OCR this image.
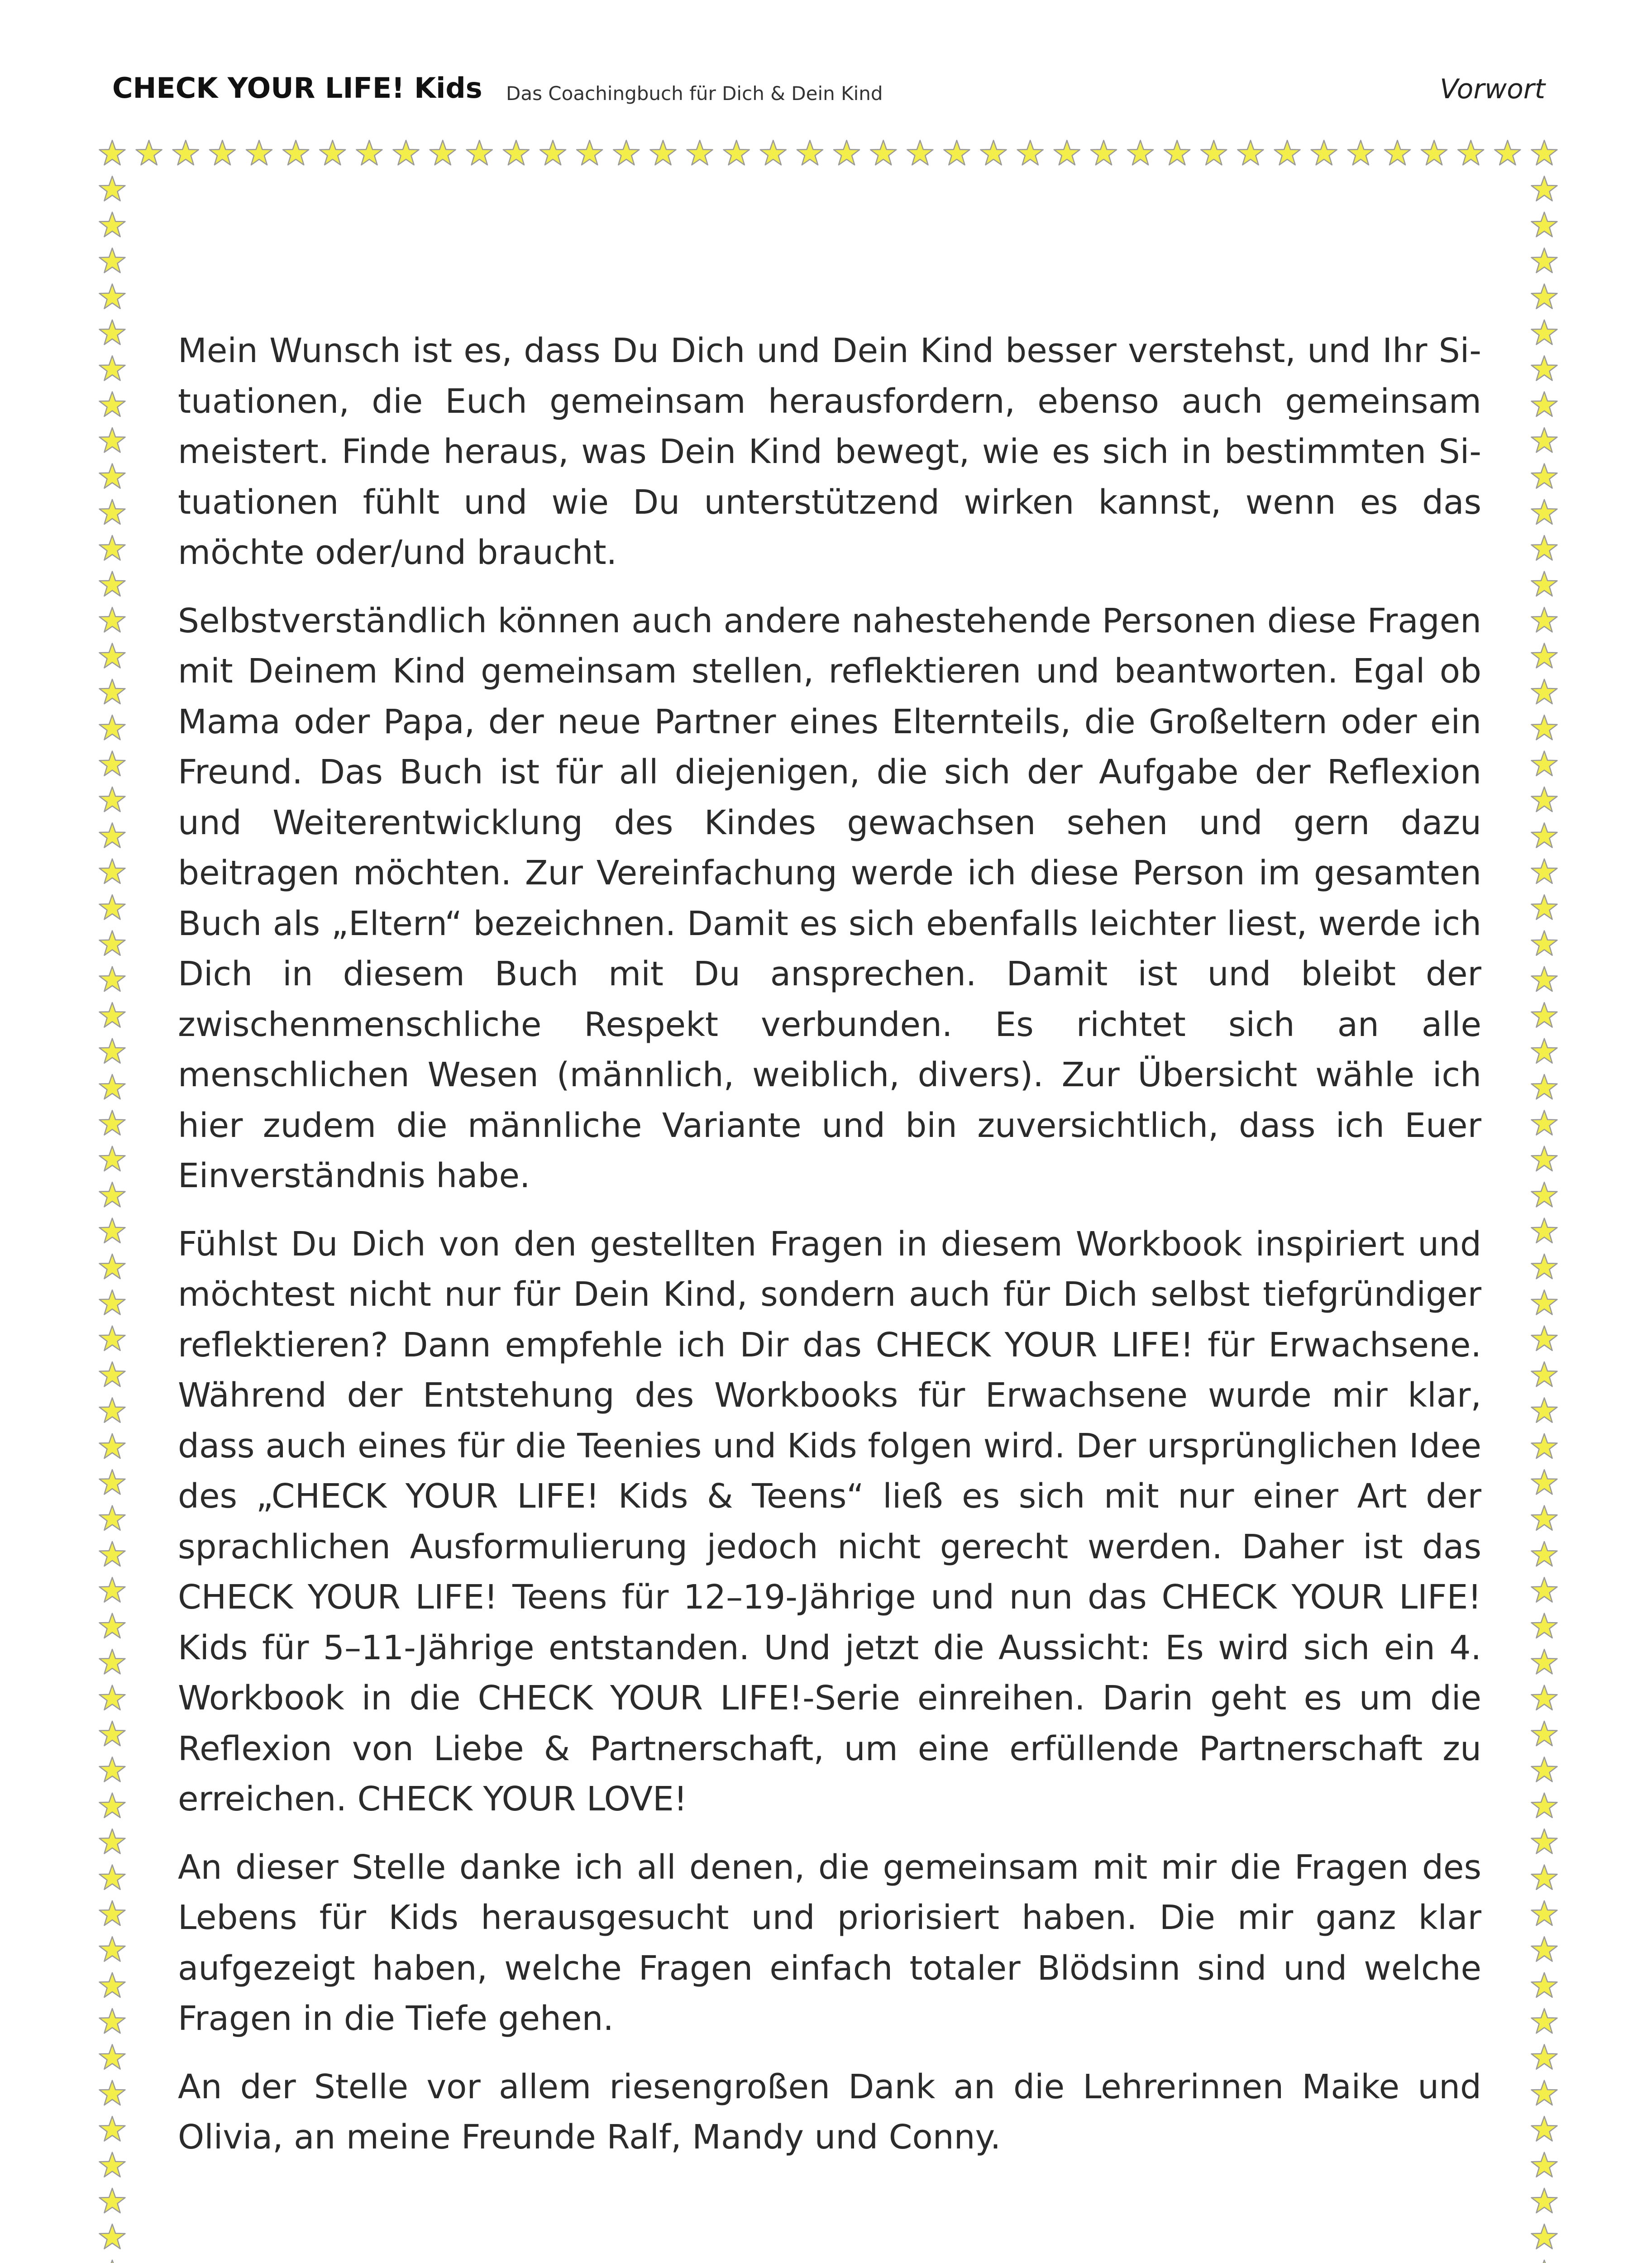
CHECK YOUR LIFE! Kids Das Coachingbuch für Dich & Dein Kind	Vorwort

Mein Wunsch ist es, dass Du Dich und Dein Kind besser verstehst, und Ihr Situationen, die Euch gemeinsam herausfordern, ebenso auch gemeinsam meistert. Finde heraus, was Dein Kind bewegt, wie es sich in bestimmten Situationen fühlt und wie Du unterstützend wirken kannst, wenn es das möchte oder/und braucht.

Selbstverständlich können auch andere nahestehende Personen diese Fragen mit Deinem Kind gemeinsam stellen, reflektieren und beantworten. Egal ob Mama oder Papa, der neue Partner eines Elternteils, die Großeltern oder ein Freund. Das Buch ist für all diejenigen, die sich der Aufgabe der Reflexion und Weiterentwicklung des Kindes gewachsen sehen und gern dazu beitragen möchten. Zur Vereinfachung werde ich diese Person im gesamten Buch als „Eltern“ bezeichnen. Damit es sich ebenfalls leichter liest, werde ich Dich in diesem Buch mit Du ansprechen. Damit ist und bleibt der zwischenmenschliche Respekt verbunden. Es richtet sich an alle menschlichen Wesen (männlich, weiblich, divers). Zur Übersicht wähle ich hier zudem die männliche Variante und bin zuversichtlich, dass ich Euer Einverständnis habe.

Fühlst Du Dich von den gestellten Fragen in diesem Workbook inspiriert und möchtest nicht nur für Dein Kind, sondern auch für Dich selbst tiefgründiger reflektieren? Dann empfehle ich Dir das CHECK YOUR LIFE! für Erwachsene. Während der Entstehung des Workbooks für Erwachsene wurde mir klar, dass auch eines für die Teenies und Kids folgen wird. Der ursprünglichen Idee des „CHECK YOUR LIFE! Kids & Teens“ ließ es sich mit nur einer Art der sprachlichen Ausformulierung jedoch nicht gerecht werden. Daher ist das CHECK YOUR LIFE! Teens für 12–19-Jährige und nun das CHECK YOUR LIFE! Kids für 5–11-Jährige entstanden. Und jetzt die Aussicht: Es wird sich ein 4. Workbook in die CHECK YOUR LIFE!-Serie einreihen. Darin geht es um die Reflexion von Liebe & Partnerschaft, um eine erfüllende Partnerschaft zu erreichen. CHECK YOUR LOVE!

An dieser Stelle danke ich all denen, die gemeinsam mit mir die Fragen des Lebens für Kids herausgesucht und priorisiert haben. Die mir ganz klar aufgezeigt haben, welche Fragen einfach totaler Blödsinn sind und welche Fragen in die Tiefe gehen.

An der Stelle vor allem riesengroßen Dank an die Lehrerinnen Maike und Olivia, an meine Freunde Ralf, Mandy und Conny.
